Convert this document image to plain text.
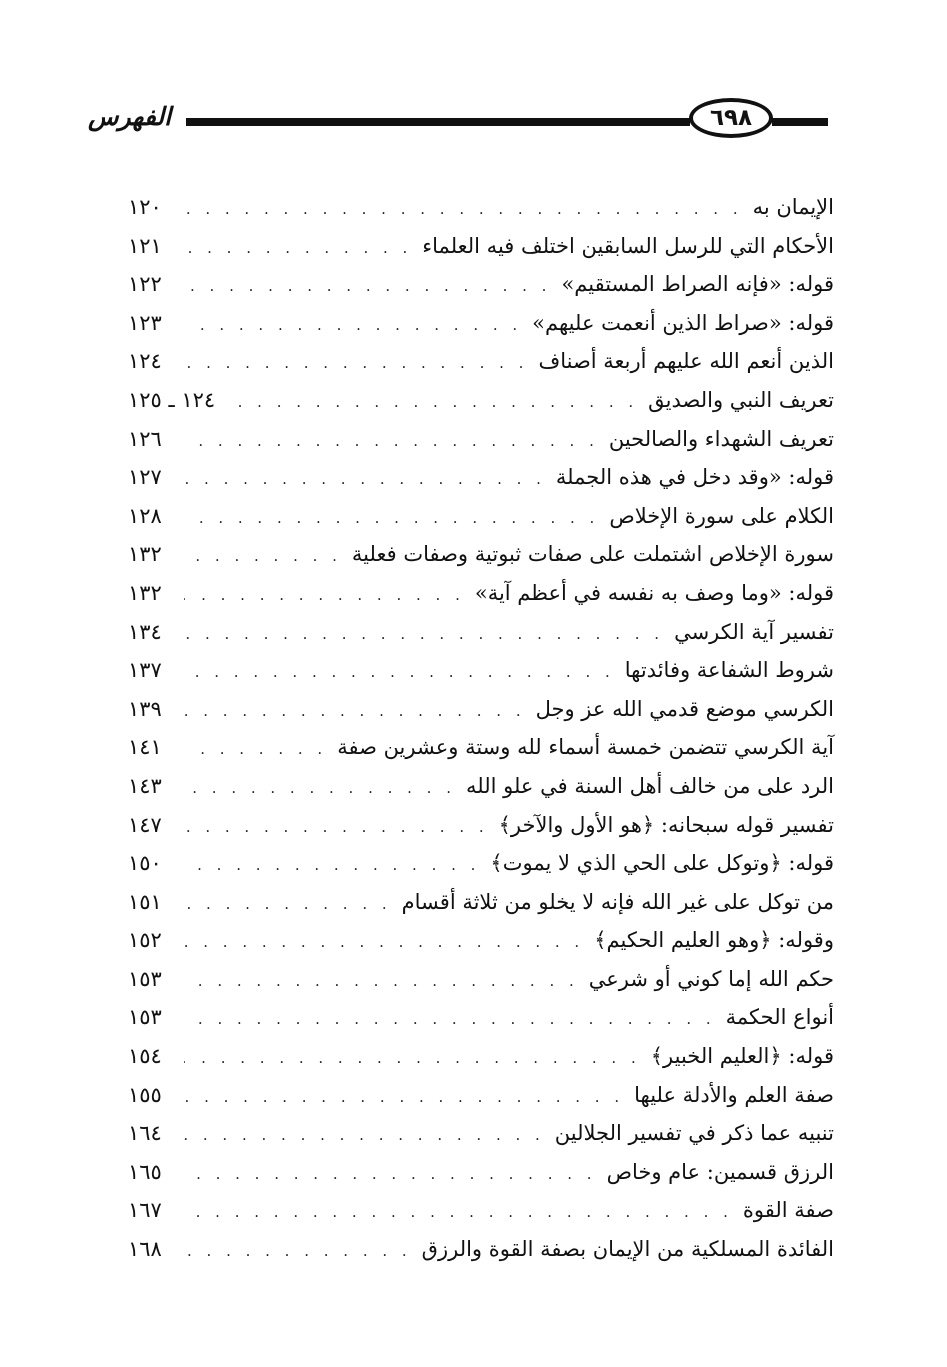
الفهرس	٦٩٨
الإيمان به
. . .
١٢٠
الأحكام التي للرسل السابقين اختلف فيه العلماء
. . .
١٢١
قوله: «فإنه الصراط المستقيم»
. . .
١٢٢
قوله: «صراط الذين أنعمت عليهم»
. . .
١٢٣
الذين أنعم الله عليهم أربعة أصناف
. . .
١٢٤
تعريف النبي والصديق
. . .
١٢٤ ـ ١٢٥
تعريف الشهداء والصالحين
. . .
١٢٦
قوله: «وقد دخل في هذه الجملة
. . .
١٢٧
الكلام على سورة الإخلاص
. . .
١٢٨
سورة الإخلاص اشتملت على صفات ثبوتية وصفات فعلية
. . .
١٣٢
قوله: «وما وصف به نفسه في أعظم آية»
. . .
١٣٢
تفسير آية الكرسي
. . .
١٣٤
شروط الشفاعة وفائدتها
. . .
١٣٧
الكرسي موضع قدمي الله عز وجل
. . .
١٣٩
آية الكرسي تتضمن خمسة أسماء لله وستة وعشرين صفة
. . .
١٤١
الرد على من خالف أهل السنة في علو الله
. . .
١٤٣
تفسير قوله سبحانه: ﴿هو الأول والآخر﴾
. . .
١٤٧
قوله: ﴿وتوكل على الحي الذي لا يموت﴾
. . .
١٥٠
من توكل على غير الله فإنه لا يخلو من ثلاثة أقسام
. . .
١٥١
وقوله: ﴿وهو العليم الحكيم﴾
. . .
١٥٢
حكم الله إما كوني أو شرعي
. . .
١٥٣
أنواع الحكمة
. . .
١٥٣
قوله: ﴿العليم الخبير﴾
. . .
١٥٤
صفة العلم والأدلة عليها
. . .
١٥٥
تنبيه عما ذكر في تفسير الجلالين
. . .
١٦٤
الرزق قسمين: عام وخاص
. . .
١٦٥
صفة القوة
. . .
١٦٧
الفائدة المسلكية من الإيمان بصفة القوة والرزق
. . .
١٦٨
